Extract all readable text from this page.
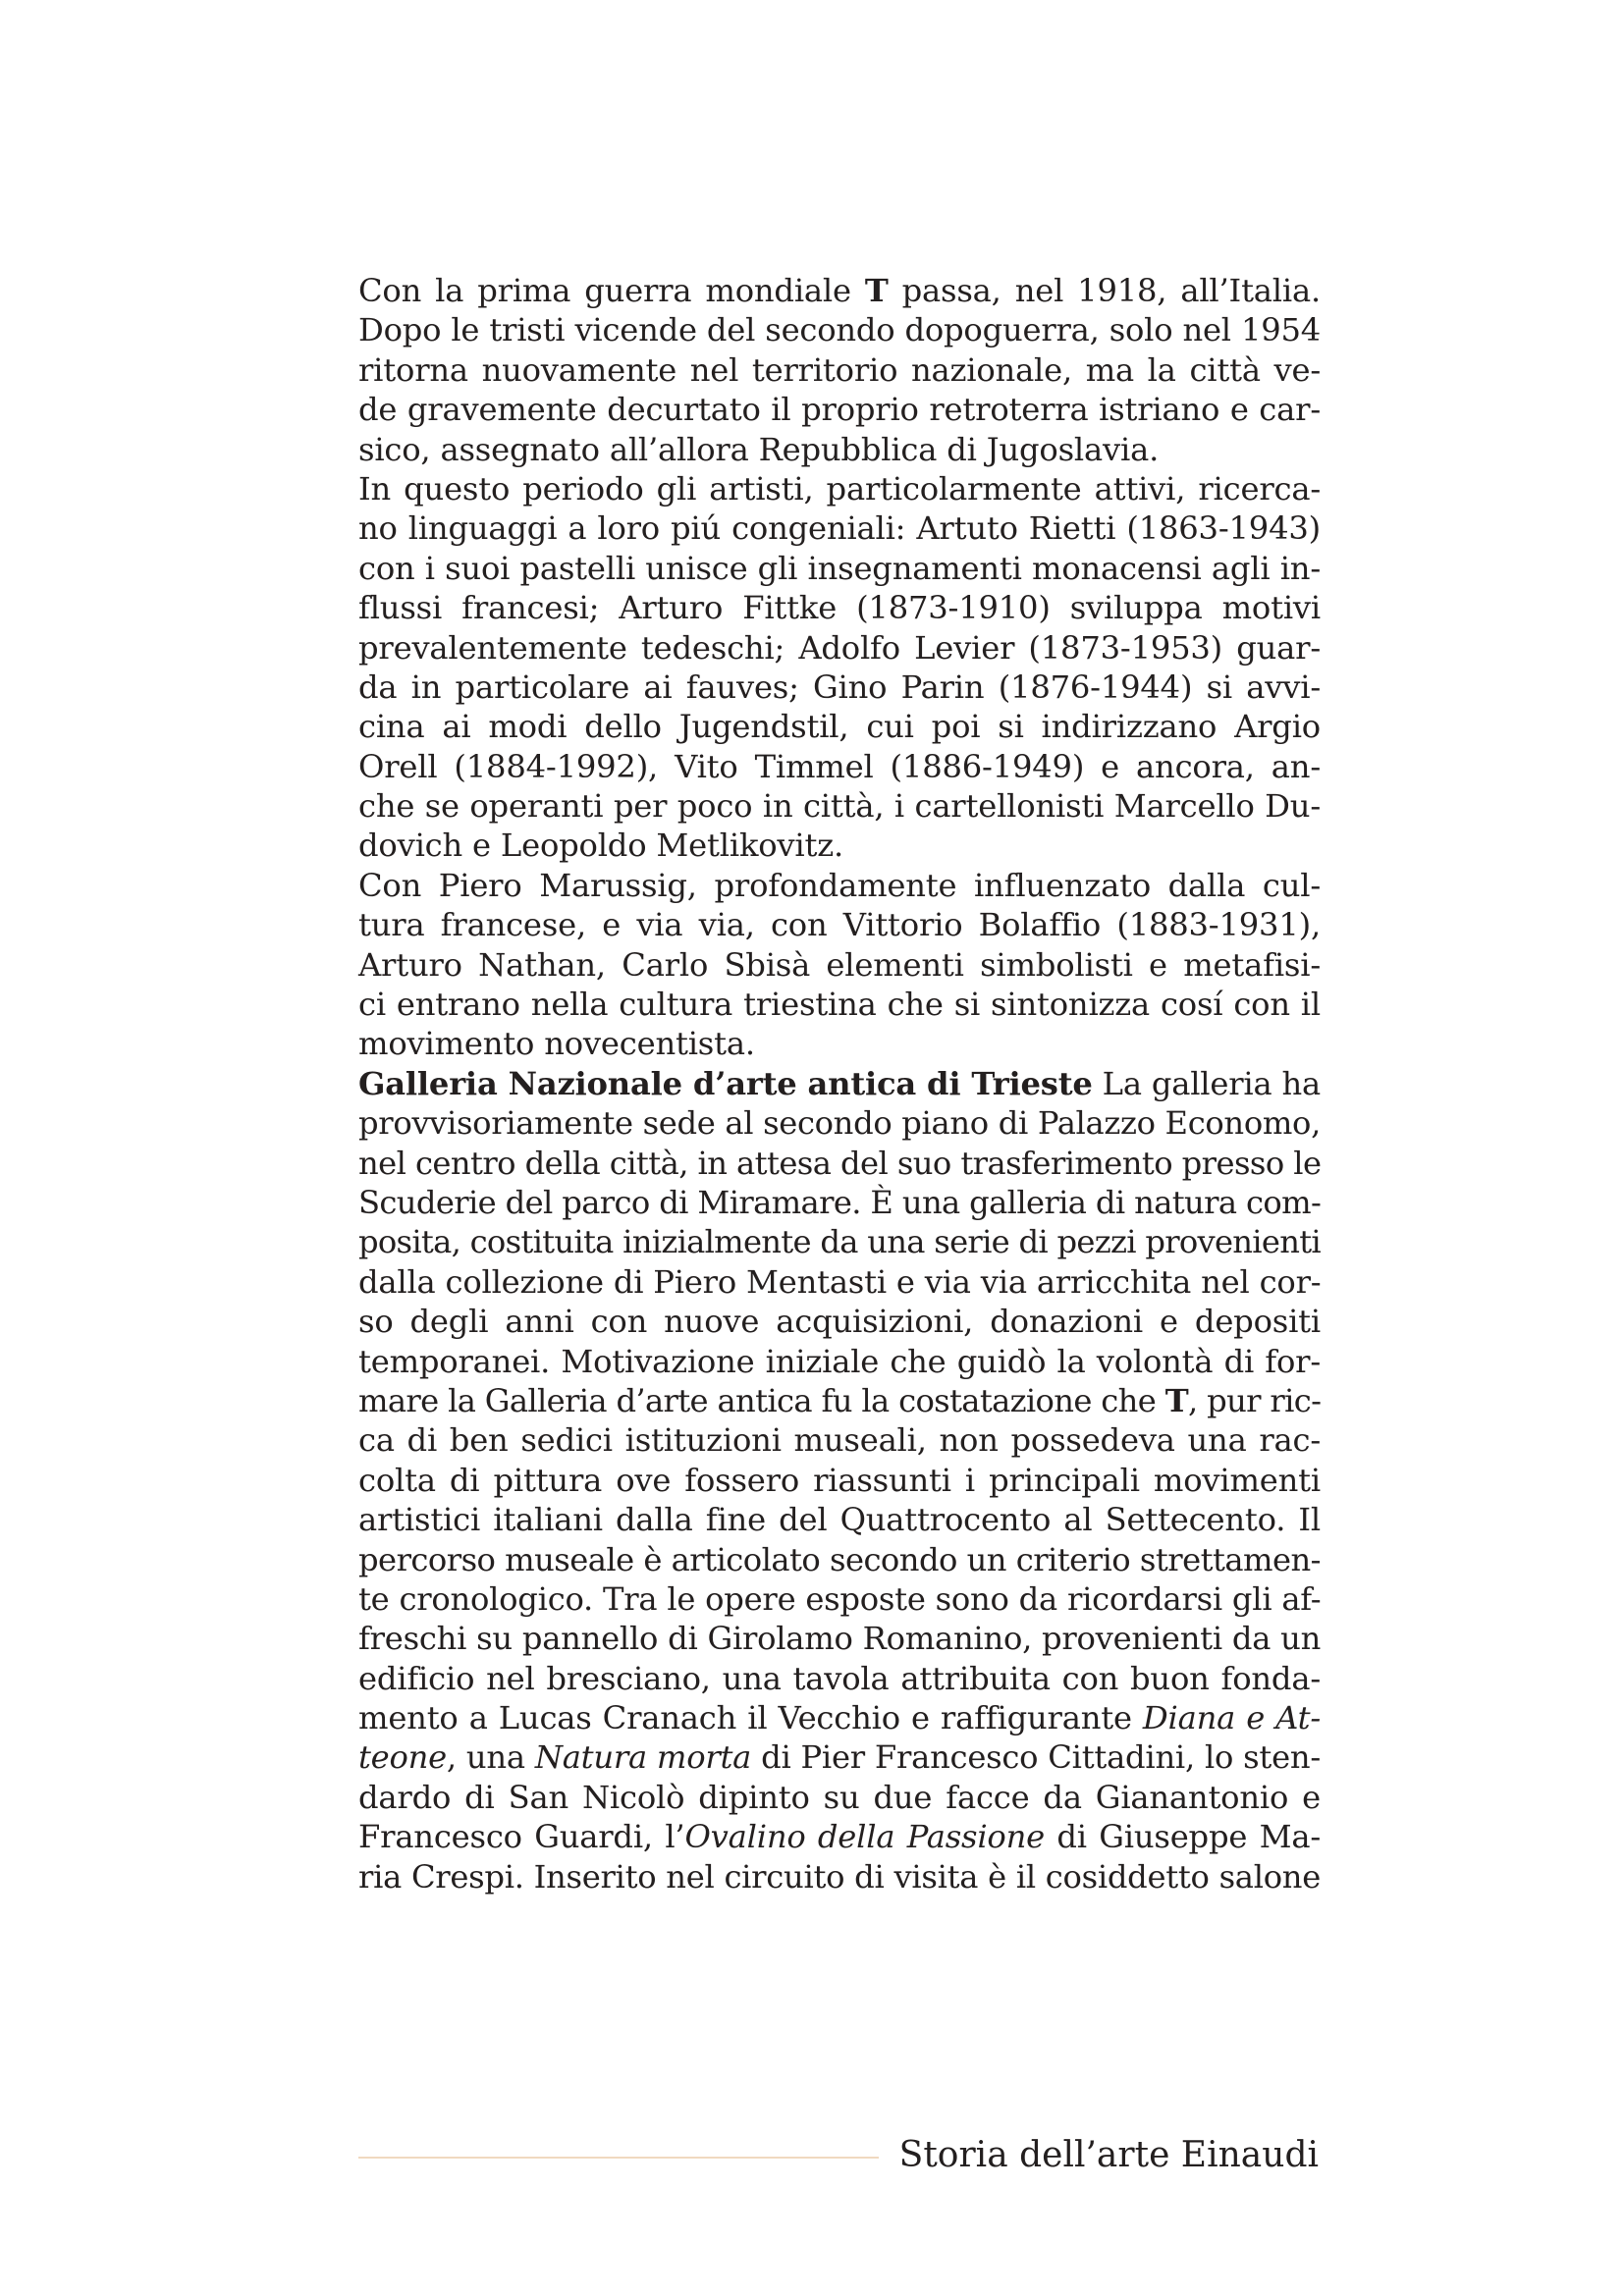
Con la prima guerra mondiale T passa, nel 1918, all’Italia.
Dopo le tristi vicende del secondo dopoguerra, solo nel 1954
ritorna nuovamente nel territorio nazionale, ma la città ve-
de gravemente decurtato il proprio retroterra istriano e car-
sico, assegnato all’allora Repubblica di Jugoslavia.
In questo periodo gli artisti, particolarmente attivi, ricerca-
no linguaggi a loro piú congeniali: Artuto Rietti (1863-1943)
con i suoi pastelli unisce gli insegnamenti monacensi agli in-
flussi francesi; Arturo Fittke (1873-1910) sviluppa motivi
prevalentemente tedeschi; Adolfo Levier (1873-1953) guar-
da in particolare ai fauves; Gino Parin (1876-1944) si avvi-
cina ai modi dello Jugendstil, cui poi si indirizzano Argio
Orell (1884-1992), Vito Timmel (1886-1949) e ancora, an-
che se operanti per poco in città, i cartellonisti Marcello Du-
dovich e Leopoldo Metlikovitz.
Con Piero Marussig, profondamente influenzato dalla cul-
tura francese, e via via, con Vittorio Bolaffio (1883-1931),
Arturo Nathan, Carlo Sbisà elementi simbolisti e metafisi-
ci entrano nella cultura triestina che si sintonizza cosí con il
movimento novecentista.
Galleria Nazionale d’arte antica di Trieste La galleria ha
provvisoriamente sede al secondo piano di Palazzo Economo,
nel centro della città, in attesa del suo trasferimento presso le
Scuderie del parco di Miramare. È una galleria di natura com-
posita, costituita inizialmente da una serie di pezzi provenienti
dalla collezione di Piero Mentasti e via via arricchita nel cor-
so degli anni con nuove acquisizioni, donazioni e depositi
temporanei. Motivazione iniziale che guidò la volontà di for-
mare la Galleria d’arte antica fu la costatazione che T, pur ric-
ca di ben sedici istituzioni museali, non possedeva una rac-
colta di pittura ove fossero riassunti i principali movimenti
artistici italiani dalla fine del Quattrocento al Settecento. Il
percorso museale è articolato secondo un criterio strettamen-
te cronologico. Tra le opere esposte sono da ricordarsi gli af-
freschi su pannello di Girolamo Romanino, provenienti da un
edificio nel bresciano, una tavola attribuita con buon fonda-
mento a Lucas Cranach il Vecchio e raffigurante Diana e At-
teone, una Natura morta di Pier Francesco Cittadini, lo sten-
dardo di San Nicolò dipinto su due facce da Gianantonio e
Francesco Guardi, l’Ovalino della Passione di Giuseppe Ma-
ria Crespi. Inserito nel circuito di visita è il cosiddetto salone
Storia dell’arte Einaudi
